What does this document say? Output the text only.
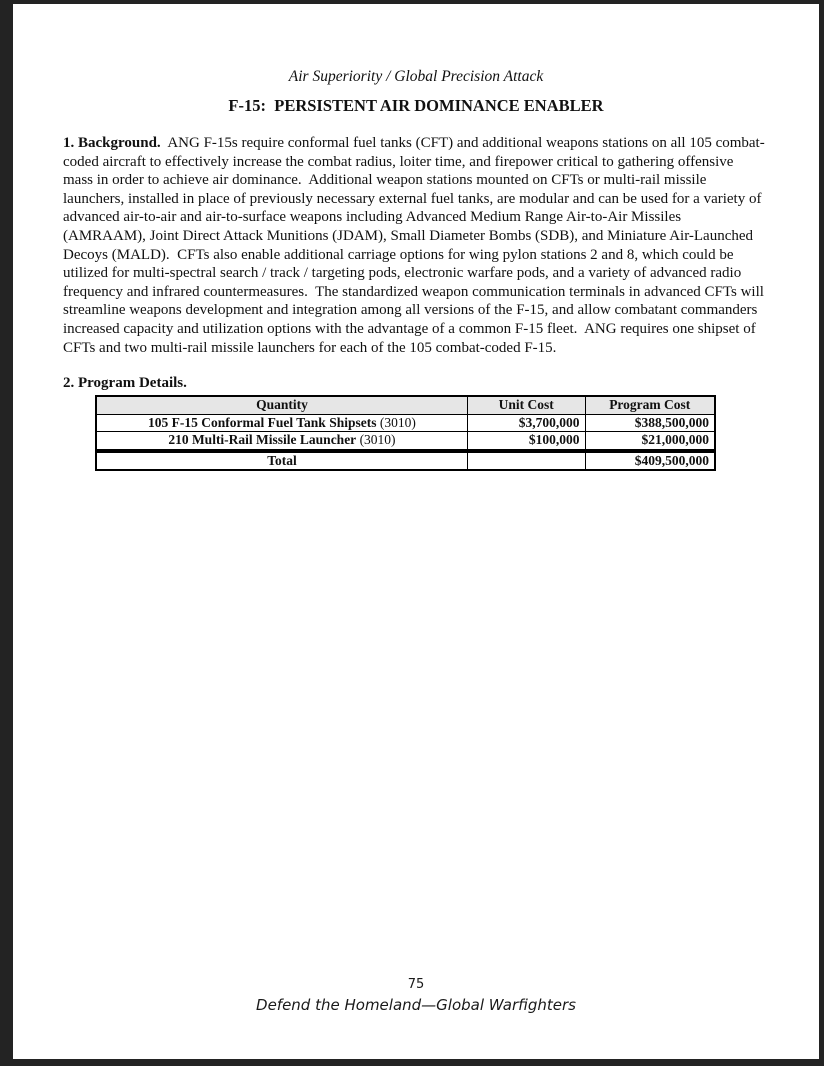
Air Superiority / Global Precision Attack
F-15:  PERSISTENT AIR DOMINANCE ENABLER

1. Background.  ANG F-15s require conformal fuel tanks (CFT) and additional weapons stations on all 105 combat-coded aircraft to effectively increase the combat radius, loiter time, and firepower critical to gathering offensive mass in order to achieve air dominance.  Additional weapon stations mounted on CFTs or multi-rail missile launchers, installed in place of previously necessary external fuel tanks, are modular and can be used for a variety of advanced air-to-air and air-to-surface weapons including Advanced Medium Range Air-to-Air Missiles (AMRAAM), Joint Direct Attack Munitions (JDAM), Small Diameter Bombs (SDB), and Miniature Air-Launched Decoys (MALD).  CFTs also enable additional carriage options for wing pylon stations 2 and 8, which could be utilized for multi-spectral search / track / targeting pods, electronic warfare pods, and a variety of advanced radio frequency and infrared countermeasures.  The standardized weapon communication terminals in advanced CFTs will streamline weapons development and integration among all versions of the F-15, and allow combatant commanders increased capacity and utilization options with the advantage of a common F-15 fleet.  ANG requires one shipset of CFTs and two multi-rail missile launchers for each of the 105 combat-coded F-15.

2. Program Details.
Quantity	Unit Cost	Program Cost
105 F-15 Conformal Fuel Tank Shipsets (3010)	$3,700,000	$388,500,000
210 Multi-Rail Missile Launcher (3010)	$100,000	$21,000,000
Total		$409,500,000
75
Defend the Homeland—Global Warfighters
